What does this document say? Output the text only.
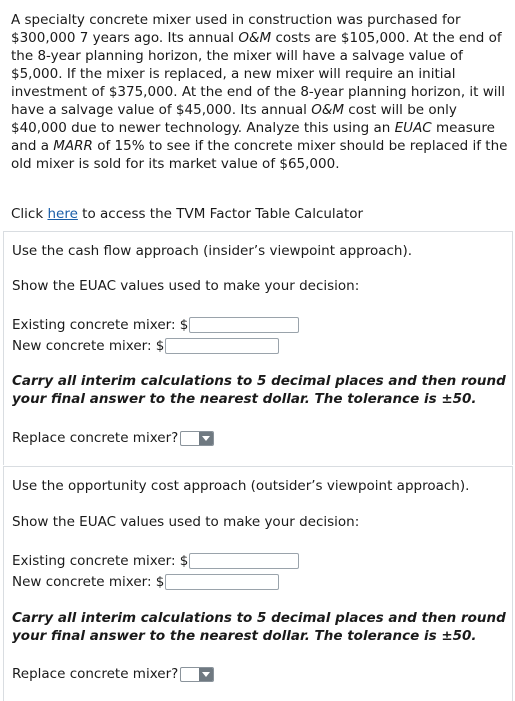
A specialty concrete mixer used in construction was purchased for $300,000 7 years ago. Its annual O&M costs are $105,000. At the end of the 8-year planning horizon, the mixer will have a salvage value of $5,000. If the mixer is replaced, a new mixer will require an initial investment of $375,000. At the end of the 8-year planning horizon, it will have a salvage value of $45,000. Its annual O&M cost will be only $40,000 due to newer technology. Analyze this using an EUAC measure and a MARR of 15% to see if the concrete mixer should be replaced if the old mixer is sold for its market value of $65,000.

Click here to access the TVM Factor Table Calculator
Use the cash flow approach (insider’s viewpoint approach).
Show the EUAC values used to make your decision:
Existing concrete mixer: $
New concrete mixer: $
Carry all interim calculations to 5 decimal places and then round your final answer to the nearest dollar. The tolerance is ±50.
Replace concrete mixer?
Use the opportunity cost approach (outsider’s viewpoint approach).
Show the EUAC values used to make your decision:
Existing concrete mixer: $
New concrete mixer: $
Carry all interim calculations to 5 decimal places and then round your final answer to the nearest dollar. The tolerance is ±50.
Replace concrete mixer?
